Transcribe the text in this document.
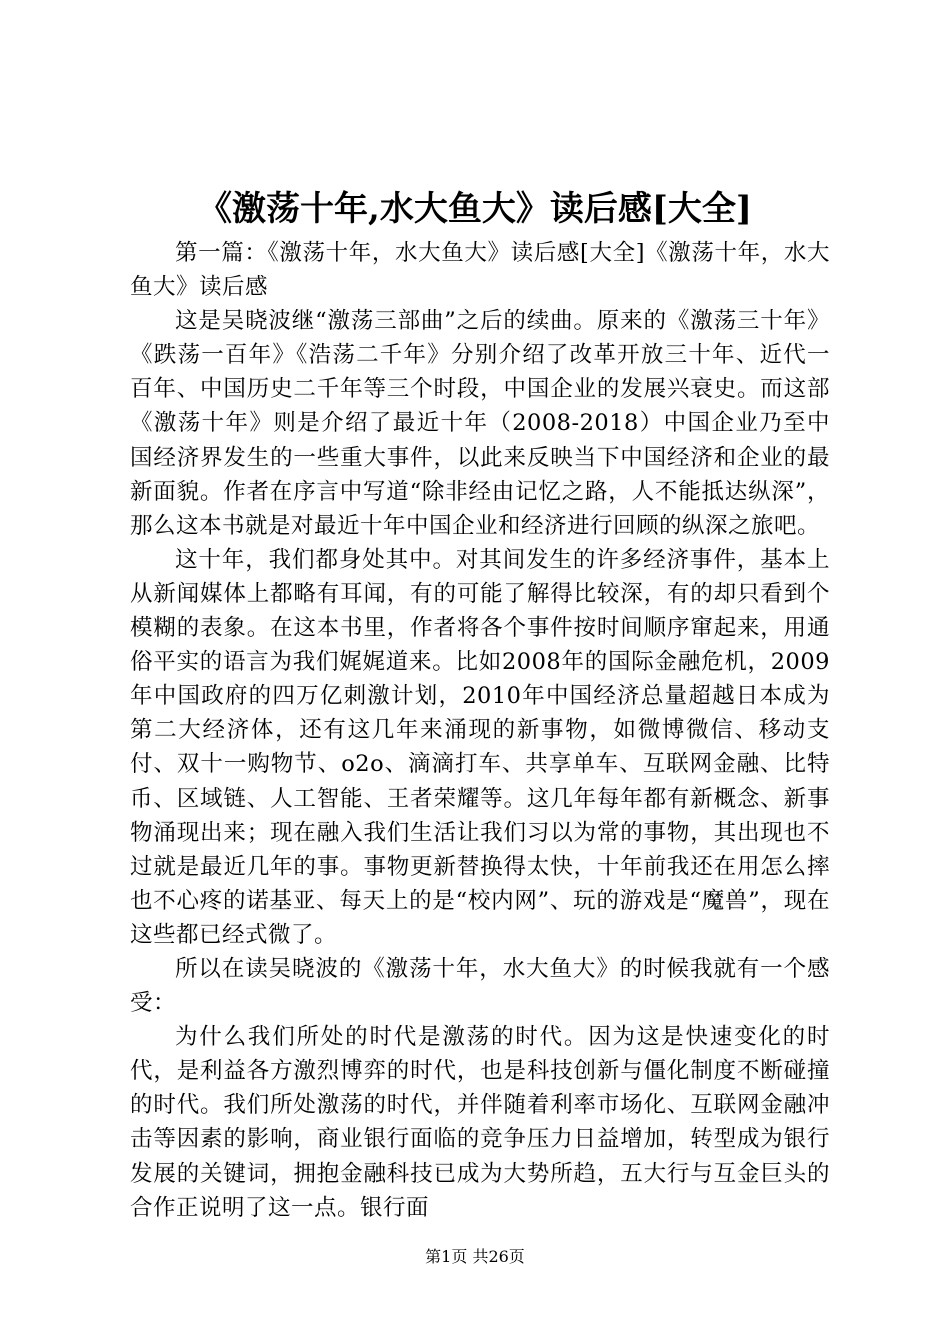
《激荡十年,水大鱼大》读后感[大全]

第一篇：《激荡十年，水大鱼大》读后感[大全]《激荡十年，水大鱼大》读后感

这是吴晓波继“激荡三部曲”之后的续曲。原来的《激荡三十年》《跌荡一百年》《浩荡二千年》分别介绍了改革开放三十年、近代一百年、中国历史二千年等三个时段，中国企业的发展兴衰史。而这部《激荡十年》则是介绍了最近十年（2008-2018）中国企业乃至中国经济界发生的一些重大事件，以此来反映当下中国经济和企业的最新面貌。作者在序言中写道“除非经由记忆之路，人不能抵达纵深”，那么这本书就是对最近十年中国企业和经济进行回顾的纵深之旅吧。

这十年，我们都身处其中。对其间发生的许多经济事件，基本上从新闻媒体上都略有耳闻，有的可能了解得比较深，有的却只看到个模糊的表象。在这本书里，作者将各个事件按时间顺序窜起来，用通俗平实的语言为我们娓娓道来。比如2008年的国际金融危机，2009年中国政府的四万亿刺激计划，2010年中国经济总量超越日本成为第二大经济体，还有这几年来涌现的新事物，如微博微信、移动支付、双十一购物节、o2o、滴滴打车、共享单车、互联网金融、比特币、区域链、人工智能、王者荣耀等。这几年每年都有新概念、新事物涌现出来；现在融入我们生活让我们习以为常的事物，其出现也不过就是最近几年的事。事物更新替换得太快，十年前我还在用怎么摔也不心疼的诺基亚、每天上的是“校内网”、玩的游戏是“魔兽”，现在这些都已经式微了。

所以在读吴晓波的《激荡十年，水大鱼大》的时候我就有一个感受：

为什么我们所处的时代是激荡的时代。因为这是快速变化的时代，是利益各方激烈博弈的时代，也是科技创新与僵化制度不断碰撞的时代。我们所处激荡的时代，并伴随着利率市场化、互联网金融冲击等因素的影响，商业银行面临的竞争压力日益增加，转型成为银行发展的关键词，拥抱金融科技已成为大势所趋，五大行与互金巨头的合作正说明了这一点。银行面

第1页 共26页
